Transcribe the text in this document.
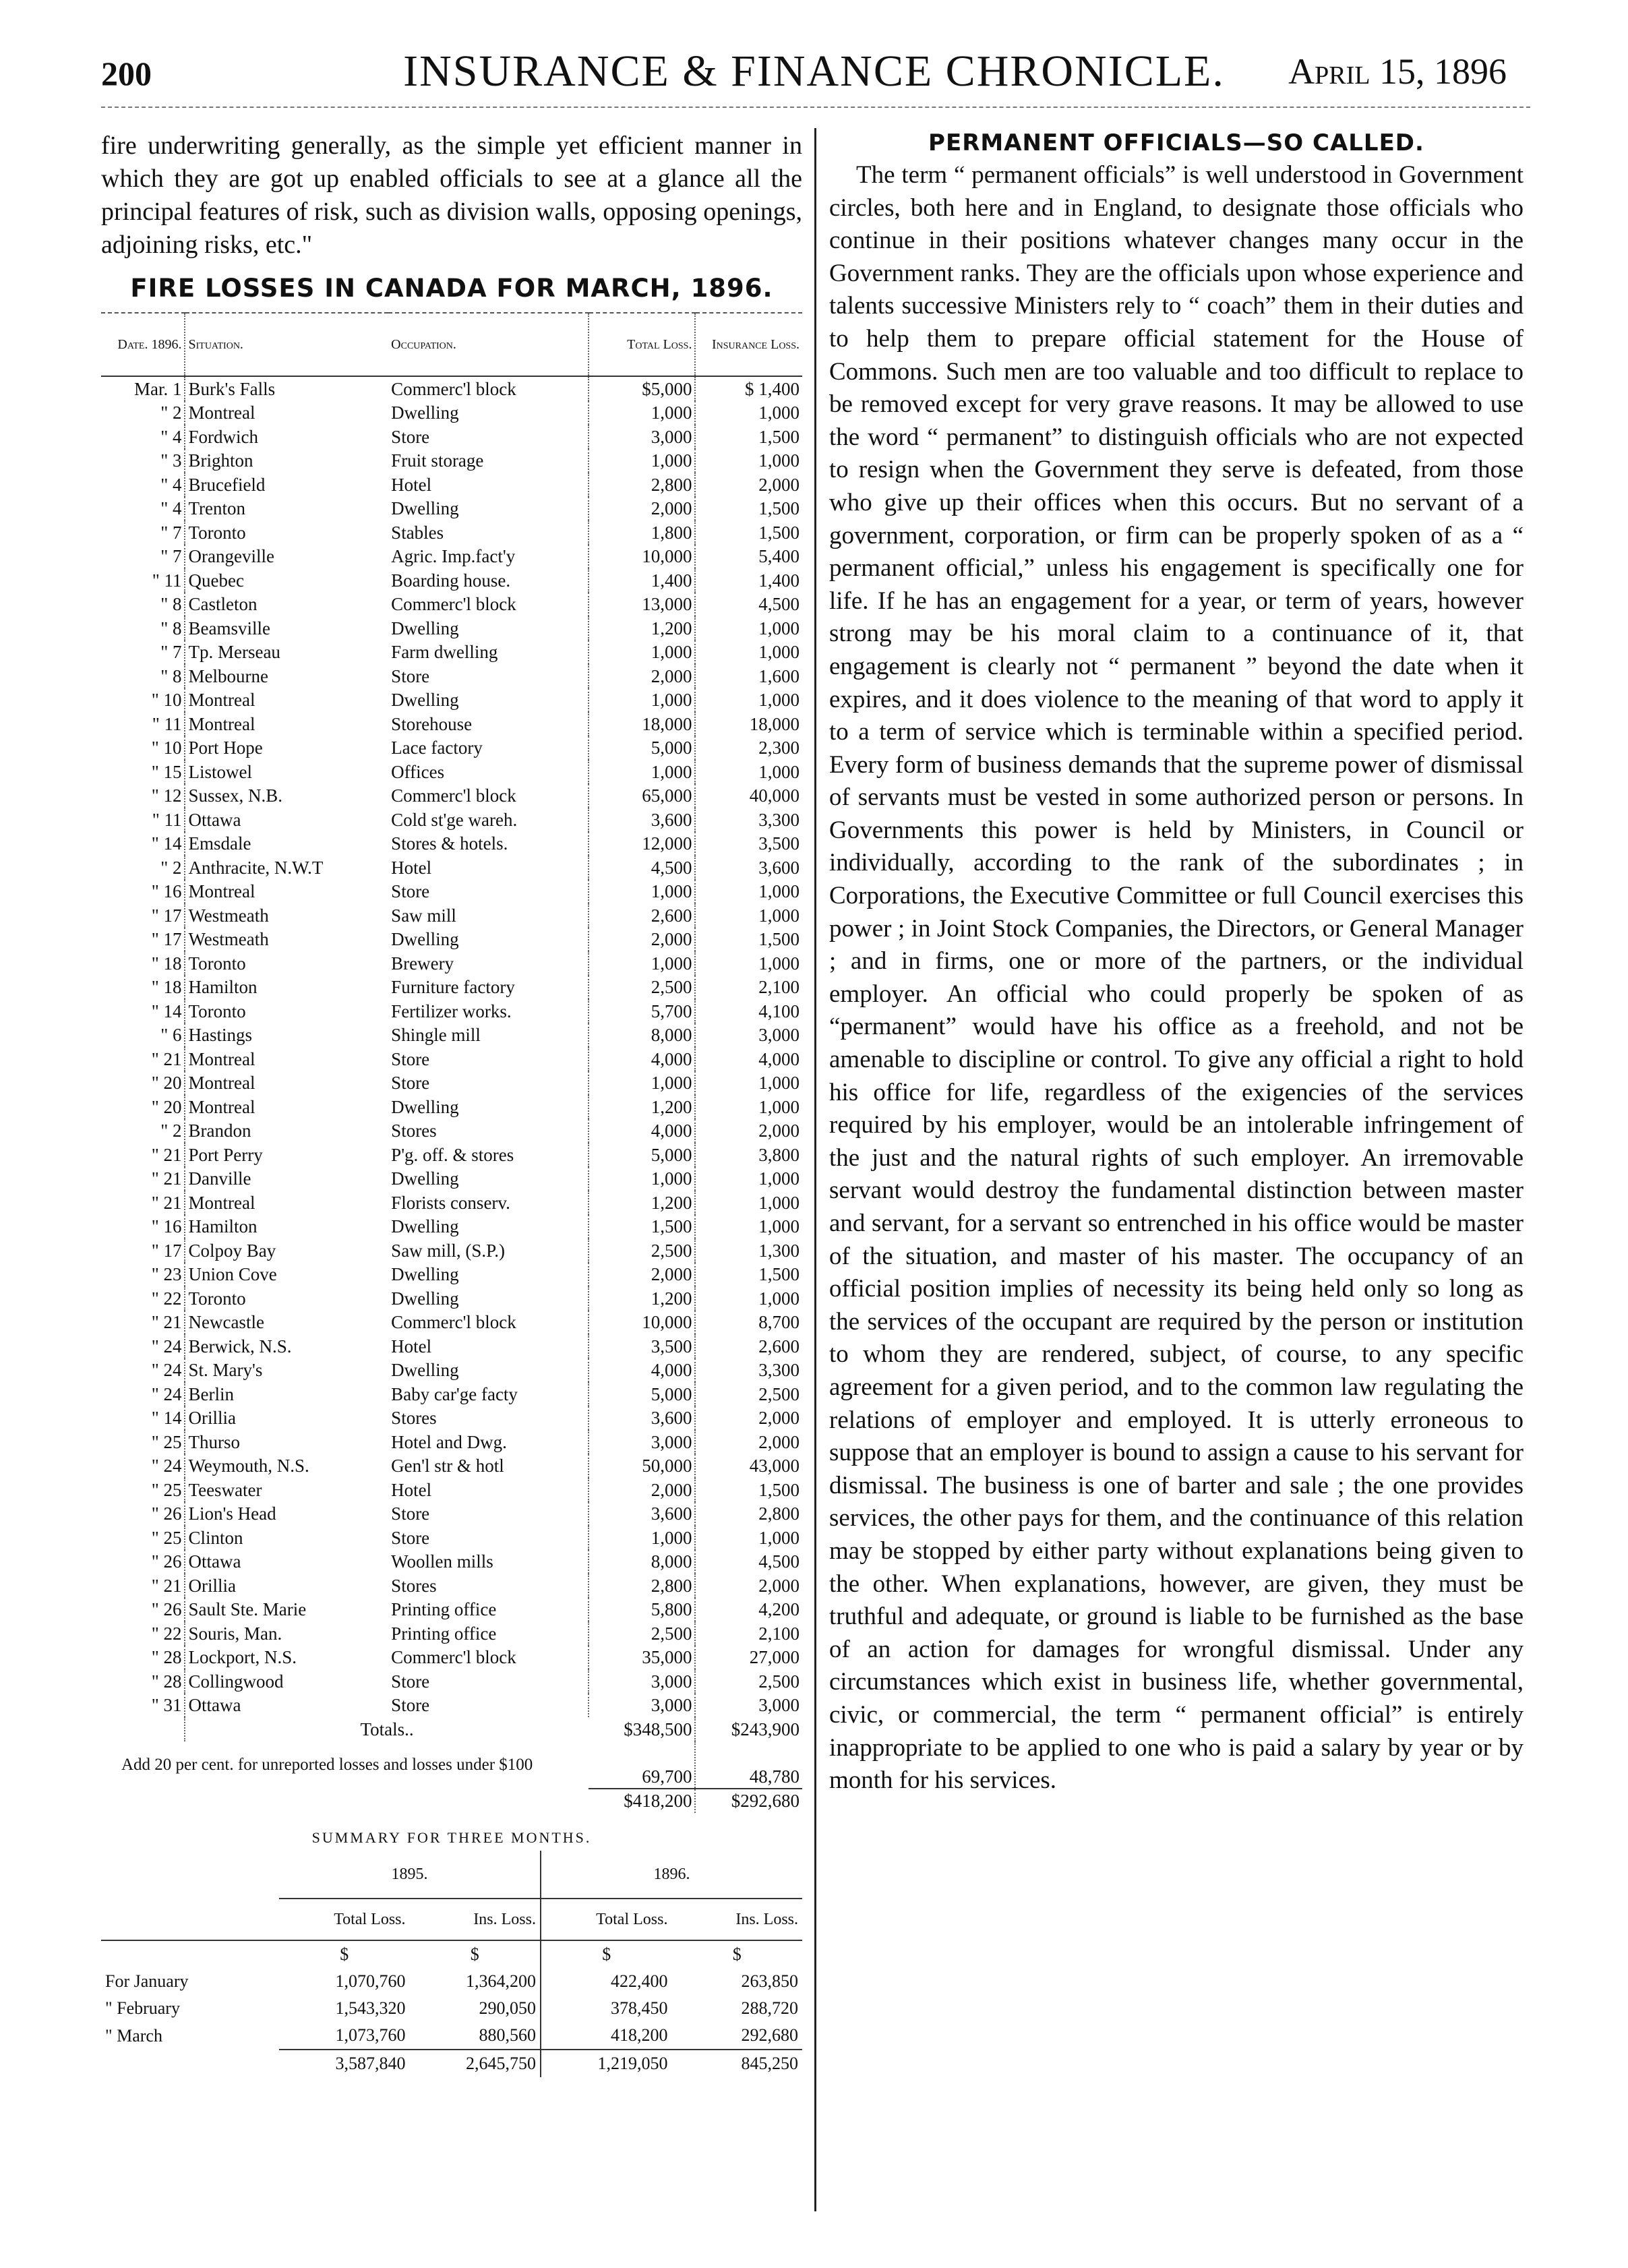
200	INSURANCE & FINANCE CHRONICLE.	April 15, 1896

fire underwriting generally, as the simple yet efficient manner in which they are got up enabled officials to see at a glance all the principal features of risk, such as division walls, opposing openings, adjoining risks, etc."

FIRE LOSSES IN CANADA FOR MARCH, 1896.
Date. 1896.	Situation.	Occupation.	Total Loss.	Insurance Loss.
Mar. 1	Burk's Falls	Commerc'l block	$5,000	$ 1,400
" 2	Montreal	Dwelling	1,000	1,000
" 4	Fordwich	Store	3,000	1,500
" 3	Brighton	Fruit storage	1,000	1,000
" 4	Brucefield	Hotel	2,800	2,000
" 4	Trenton	Dwelling	2,000	1,500
" 7	Toronto	Stables	1,800	1,500
" 7	Orangeville	Agric. Imp.fact'y	10,000	5,400
" 11	Quebec	Boarding house.	1,400	1,400
" 8	Castleton	Commerc'l block	13,000	4,500
" 8	Beamsville	Dwelling	1,200	1,000
" 7	Tp. Merseau	Farm dwelling	1,000	1,000
" 8	Melbourne	Store	2,000	1,600
" 10	Montreal	Dwelling	1,000	1,000
" 11	Montreal	Storehouse	18,000	18,000
" 10	Port Hope	Lace factory	5,000	2,300
" 15	Listowel	Offices	1,000	1,000
" 12	Sussex, N.B.	Commerc'l block	65,000	40,000
" 11	Ottawa	Cold st'ge wareh.	3,600	3,300
" 14	Emsdale	Stores & hotels.	12,000	3,500
" 2	Anthracite, N.W.T	Hotel	4,500	3,600
" 16	Montreal	Store	1,000	1,000
" 17	Westmeath	Saw mill	2,600	1,000
" 17	Westmeath	Dwelling	2,000	1,500
" 18	Toronto	Brewery	1,000	1,000
" 18	Hamilton	Furniture factory	2,500	2,100
" 14	Toronto	Fertilizer works.	5,700	4,100
" 6	Hastings	Shingle mill	8,000	3,000
" 21	Montreal	Store	4,000	4,000
" 20	Montreal	Store	1,000	1,000
" 20	Montreal	Dwelling	1,200	1,000
" 2	Brandon	Stores	4,000	2,000
" 21	Port Perry	P'g. off. & stores	5,000	3,800
" 21	Danville	Dwelling	1,000	1,000
" 21	Montreal	Florists conserv.	1,200	1,000
" 16	Hamilton	Dwelling	1,500	1,000
" 17	Colpoy Bay	Saw mill, (S.P.)	2,500	1,300
" 23	Union Cove	Dwelling	2,000	1,500
" 22	Toronto	Dwelling	1,200	1,000
" 21	Newcastle	Commerc'l block	10,000	8,700
" 24	Berwick, N.S.	Hotel	3,500	2,600
" 24	St. Mary's	Dwelling	4,000	3,300
" 24	Berlin	Baby car'ge facty	5,000	2,500
" 14	Orillia	Stores	3,600	2,000
" 25	Thurso	Hotel and Dwg.	3,000	2,000
" 24	Weymouth, N.S.	Gen'l str & hotl	50,000	43,000
" 25	Teeswater	Hotel	2,000	1,500
" 26	Lion's Head	Store	3,600	2,800
" 25	Clinton	Store	1,000	1,000
" 26	Ottawa	Woollen mills	8,000	4,500
" 21	Orillia	Stores	2,800	2,000
" 26	Sault Ste. Marie	Printing office	5,800	4,200
" 22	Souris, Man.	Printing office	2,500	2,100
" 28	Lockport, N.S.	Commerc'l block	35,000	27,000
" 28	Collingwood	Store	3,000	2,500
" 31	Ottawa	Store	3,000	3,000
	Totals..		$348,500	$243,900
Add 20 per cent. for unreported losses and losses under $100			69,700	48,780
			$418,200	$292,680
SUMMARY FOR THREE MONTHS.
	1895.		1896.	
	Total Loss.	Ins. Loss.	Total Loss.	Ins. Loss.
	$	$	$	$
For January	1,070,760	1,364,200	422,400	263,850
" February	1,543,320	290,050	378,450	288,720
" March	1,073,760	880,560	418,200	292,680
	3,587,840	2,645,750	1,219,050	845,250
PERMANENT OFFICIALS—SO CALLED.

The term “ permanent officials” is well understood in Government circles, both here and in England, to designate those officials who continue in their positions whatever changes many occur in the Government ranks. They are the officials upon whose experience and talents successive Ministers rely to “ coach” them in their duties and to help them to prepare official statement for the House of Commons. Such men are too valuable and too difficult to replace to be removed except for very grave reasons. It may be allowed to use the word “ permanent” to distinguish officials who are not expected to resign when the Government they serve is defeated, from those who give up their offices when this occurs. But no servant of a government, corporation, or firm can be properly spoken of as a “ permanent official,” unless his engagement is specifically one for life. If he has an engagement for a year, or term of years, however strong may be his moral claim to a continuance of it, that engagement is clearly not “ permanent ” beyond the date when it expires, and it does violence to the meaning of that word to apply it to a term of service which is terminable within a specified period. Every form of business demands that the supreme power of dismissal of servants must be vested in some authorized person or persons. In Governments this power is held by Ministers, in Council or individually, according to the rank of the subordinates ; in Corporations, the Executive Committee or full Council exercises this power ; in Joint Stock Companies, the Directors, or General Manager ; and in firms, one or more of the partners, or the individual employer. An official who could properly be spoken of as “permanent” would have his office as a freehold, and not be amenable to discipline or control. To give any official a right to hold his office for life, regardless of the exigencies of the services required by his employer, would be an intolerable infringement of the just and the natural rights of such employer. An irremovable servant would destroy the fundamental distinction between master and servant, for a servant so entrenched in his office would be master of the situation, and master of his master. The occupancy of an official position implies of necessity its being held only so long as the services of the occupant are required by the person or institution to whom they are rendered, subject, of course, to any specific agreement for a given period, and to the common law regulating the relations of employer and employed. It is utterly erroneous to suppose that an employer is bound to assign a cause to his servant for dismissal. The business is one of barter and sale ; the one provides services, the other pays for them, and the continuance of this relation may be stopped by either party without explanations being given to the other. When explanations, however, are given, they must be truthful and adequate, or ground is liable to be furnished as the base of an action for damages for wrongful dismissal. Under any circumstances which exist in business life, whether governmental, civic, or commercial, the term “ permanent official” is entirely inappropriate to be applied to one who is paid a salary by year or by month for his services.
